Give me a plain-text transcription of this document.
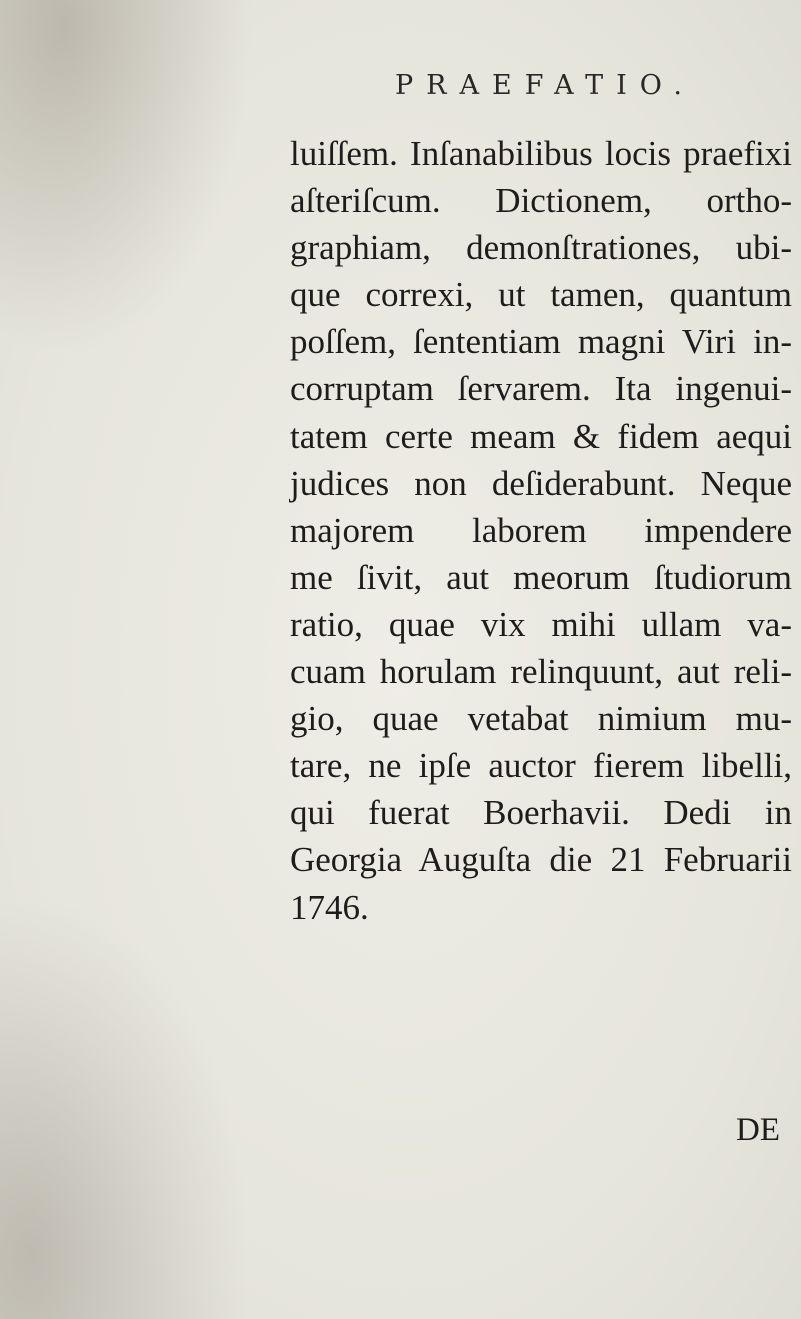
PRAEFATIO.
luiſſem. Inſanabilibus locis praefixi
aſteriſcum. Dictionem, ortho-
graphiam, demonſtrationes, ubi-
que correxi, ut tamen, quantum
poſſem, ſententiam magni Viri in-
corruptam ſervarem. Ita ingenui-
tatem certe meam & fidem aequi
judices non deſiderabunt. Neque
majorem laborem impendere
me ſivit, aut meorum ſtudiorum
ratio, quae vix mihi ullam va-
cuam horulam relinquunt, aut reli-
gio, quae vetabat nimium mu-
tare, ne ipſe auctor fierem libelli,
qui fuerat Boerhavii. Dedi in
Georgia Auguſta die 21 Februarii
1746.
DE
